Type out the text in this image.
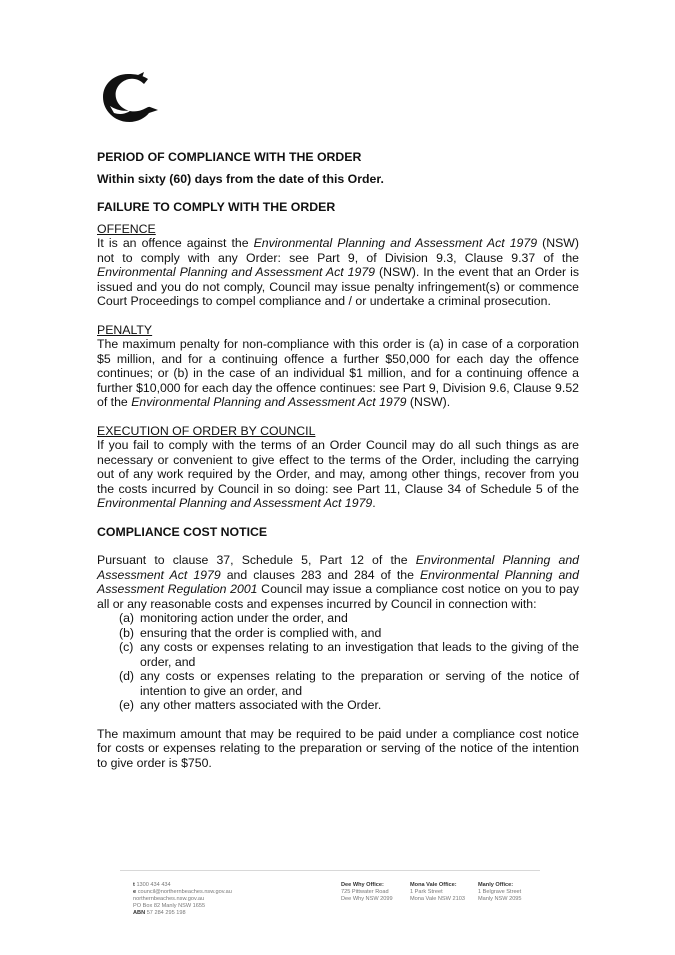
PERIOD OF COMPLIANCE WITH THE ORDER

Within sixty (60) days from the date of this Order.

FAILURE TO COMPLY WITH THE ORDER

OFFENCE

It is an offence against the Environmental Planning and Assessment Act 1979 (NSW) not to comply with any Order: see Part 9, of Division 9.3, Clause 9.37 of the Environmental Planning and Assessment Act 1979 (NSW). In the event that an Order is issued and you do not comply, Council may issue penalty infringement(s) or commence Court Proceedings to compel compliance and / or undertake a criminal prosecution.

PENALTY

The maximum penalty for non-compliance with this order is (a) in case of a corporation $5 million, and for a continuing offence a further $50,000 for each day the offence continues; or (b) in the case of an individual $1 million, and for a continuing offence a further $10,000 for each day the offence continues: see Part 9, Division 9.6, Clause 9.52 of the Environmental Planning and Assessment Act 1979 (NSW).

EXECUTION OF ORDER BY COUNCIL

If you fail to comply with the terms of an Order Council may do all such things as are necessary or convenient to give effect to the terms of the Order, including the carrying out of any work required by the Order, and may, among other things, recover from you the costs incurred by Council in so doing: see Part 11, Clause 34 of Schedule 5 of the Environmental Planning and Assessment Act 1979.

COMPLIANCE COST NOTICE

Pursuant to clause 37, Schedule 5, Part 12 of the Environmental Planning and Assessment Act 1979 and clauses 283 and 284 of the Environmental Planning and Assessment Regulation 2001 Council may issue a compliance cost notice on you to pay all or any reasonable costs and expenses incurred by Council in connection with:

(a) monitoring action under the order, and
(b) ensuring that the order is complied with, and
(c) any costs or expenses relating to an investigation that leads to the giving of the order, and
(d) any costs or expenses relating to the preparation or serving of the notice of intention to give an order, and
(e) any other matters associated with the Order.

The maximum amount that may be required to be paid under a compliance cost notice for costs or expenses relating to the preparation or serving of the notice of the intention to give order is $750.

t 1300 434 434
e council@northernbeaches.nsw.gov.au
northernbeaches.nsw.gov.au
PO Box 82 Manly NSW 1655
ABN 57 284 295 198
Dee Why Office:
725 Pittwater Road
Dee Why NSW 2099
Mona Vale Office:
1 Park Street
Mona Vale NSW 2103
Manly Office:
1 Belgrave Street
Manly NSW 2095
